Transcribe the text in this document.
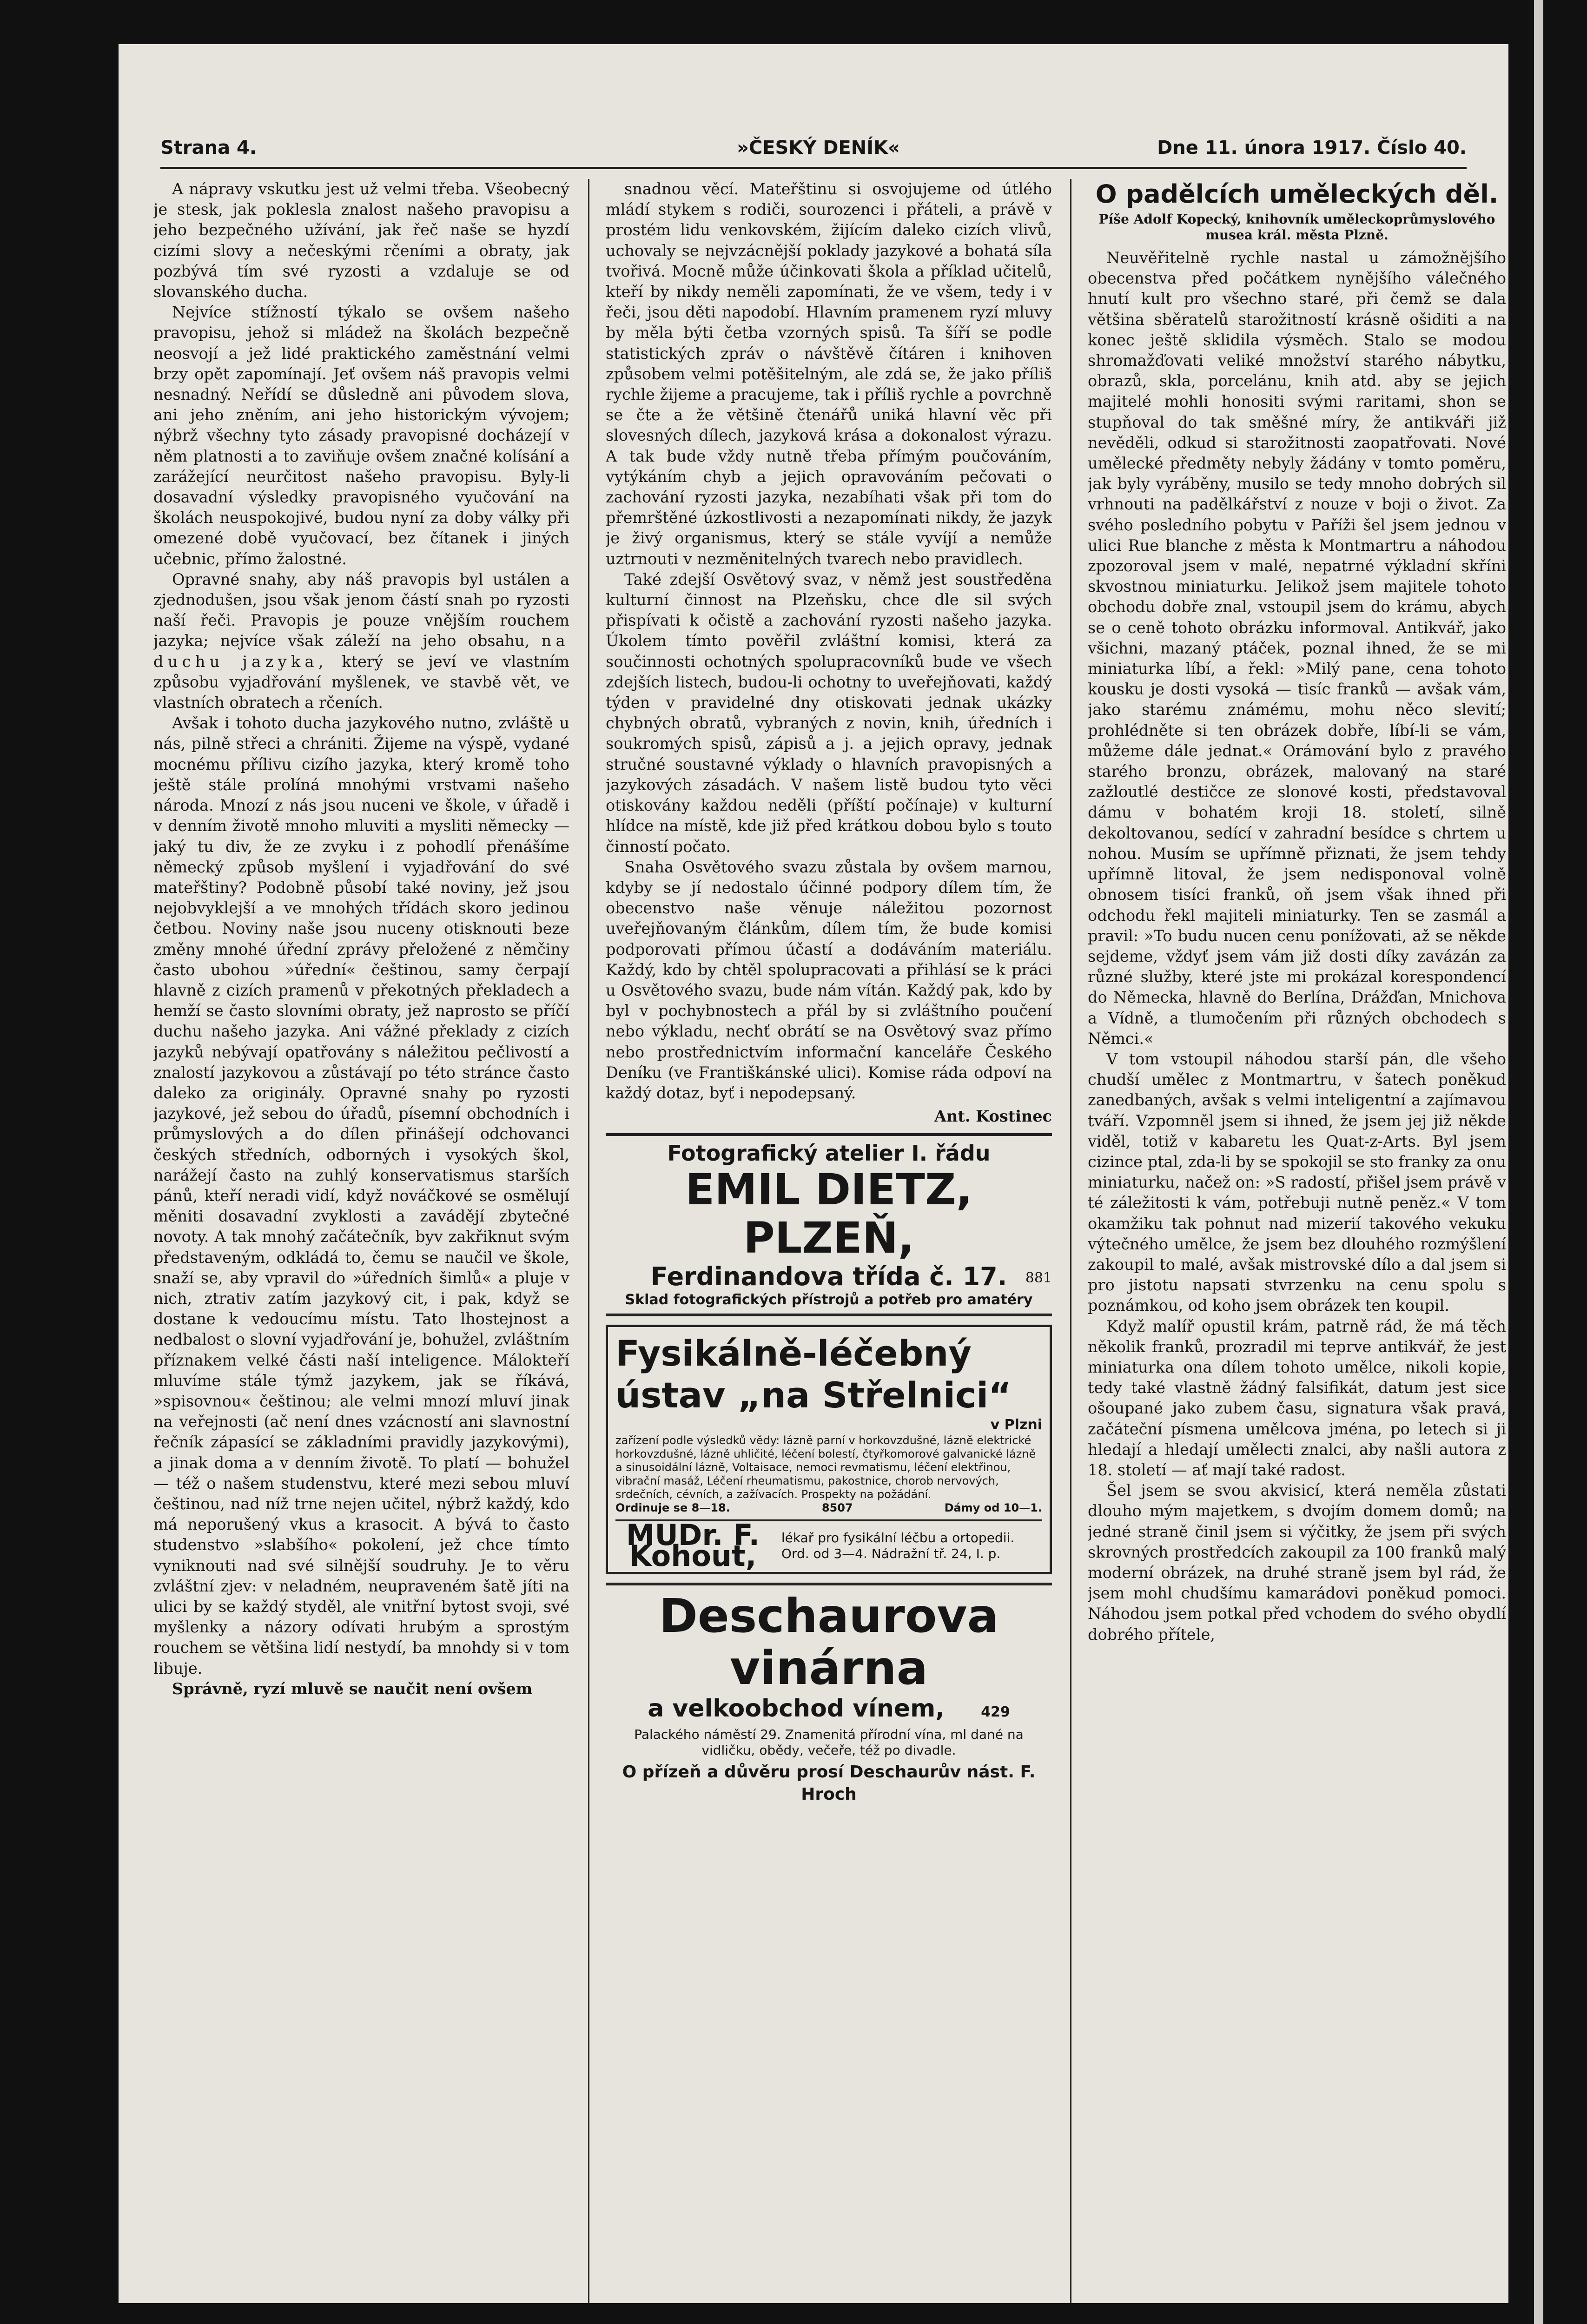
Strana 4.	»ČESKÝ DENÍK«	Dne 11. února 1917. Číslo 40.

A nápravy vskutku jest už velmi třeba. Všeobecný je stesk, jak poklesla znalost našeho pravopisu a jeho bezpečného užívání, jak řeč naše se hyzdí cizími slovy a nečeskými rčeními a obraty, jak pozbývá tím své ryzosti a vzdaluje se od slovanského ducha.

Nejvíce stížností týkalo se ovšem našeho pravopisu, jehož si mládež na školách bezpečně neosvojí a jež lidé praktického zaměstnání velmi brzy opět zapomínají. Jeť ovšem náš pravopis velmi nesnadný. Neřídí se důsledně ani původem slova, ani jeho zněním, ani jeho historickým vývojem; nýbrž všechny tyto zásady pravopisné docházejí v něm platnosti a to zaviňuje ovšem značné kolísání a zarážející neurčitost našeho pravopisu. Byly-li dosavadní výsledky pravopisného vyučování na školách neuspokojivé, budou nyní za doby války při omezené době vyučovací, bez čítanek i jiných učebnic, přímo žalostné.

Opravné snahy, aby náš pravopis byl ustálen a zjednodušen, jsou však jenom částí snah po ryzosti naší řeči. Pravopis je pouze vnějším rouchem jazyka; nejvíce však záleží na jeho obsahu, na duchu jazyka, který se jeví ve vlastním způsobu vyjadřování myšlenek, ve stavbě vět, ve vlastních obratech a rčeních.

Avšak i tohoto ducha jazykového nutno, zvláště u nás, pilně střeci a chrániti. Žijeme na výspě, vydané mocnému přílivu cizího jazyka, který kromě toho ještě stále prolíná mnohými vrstvami našeho národa. Mnozí z nás jsou nuceni ve škole, v úřadě i v denním životě mnoho mluviti a mysliti německy — jaký tu div, že ze zvyku i z pohodlí přenášíme německý způsob myšlení i vyjadřování do své mateřštiny? Podobně působí také noviny, jež jsou nejobvyklejší a ve mnohých třídách skoro jedinou četbou. Noviny naše jsou nuceny otisknouti beze změny mnohé úřední zprávy přeložené z němčiny často ubohou »úřední« češtinou, samy čerpají hlavně z cizích pramenů v překotných překladech a hemží se často slovními obraty, jež naprosto se příčí duchu našeho jazyka. Ani vážné překlady z cizích jazyků nebývají opatřovány s náležitou pečlivostí a znalostí jazykovou a zůstávají po této stránce často daleko za originály. Opravné snahy po ryzosti jazykové, jež sebou do úřadů, písemní obchodních i průmyslových a do dílen přinášejí odchovanci českých středních, odborných i vysokých škol, narážejí často na zuhlý konservatismus starších pánů, kteří neradi vidí, když nováčkové se osmělují měniti dosavadní zvyklosti a zavádějí zbytečné novoty. A tak mnohý začátečník, byv zakřiknut svým představeným, odkládá to, čemu se naučil ve škole, snaží se, aby vpravil do »úředních šimlů« a pluje v nich, ztrativ zatím jazykový cit, i pak, když se dostane k vedoucímu místu. Tato lhostejnost a nedbalost o slovní vyjadřování je, bohužel, zvláštním příznakem velké části naší inteligence. Málokteří mluvíme stále týmž jazykem, jak se říkává, »spisovnou« češtinou; ale velmi mnozí mluví jinak na veřejnosti (ač není dnes vzácností ani slavnostní řečník zápasící se základními pravidly jazykovými), a jinak doma a v denním životě. To platí — bohužel — též o našem studenstvu, které mezi sebou mluví češtinou, nad níž trne nejen učitel, nýbrž každý, kdo má neporušený vkus a krasocit. A bývá to často studenstvo »slabšího« pokolení, jež chce tímto vyniknouti nad své silnější soudruhy. Je to věru zvláštní zjev: v neladném, neupraveném šatě jíti na ulici by se každý styděl, ale vnitřní bytost svoji, své myšlenky a názory odívati hrubým a sprostým rouchem se většina lidí nestydí, ba mnohdy si v tom libuje.

Správně, ryzí mluvě se naučit není ovšem

snadnou věcí. Mateřštinu si osvojujeme od útlého mládí stykem s rodiči, sourozenci i přáteli, a právě v prostém lidu venkovském, žijícím daleko cizích vlivů, uchovaly se nejvzácnější poklady jazykové a bohatá síla tvořivá. Mocně může účinkovati škola a příklad učitelů, kteří by nikdy neměli zapomínati, že ve všem, tedy i v řeči, jsou děti napodobí. Hlavním pramenem ryzí mluvy by měla býti četba vzorných spisů. Ta šíří se podle statistických zpráv o návštěvě čítáren i knihoven způsobem velmi potěšitelným, ale zdá se, že jako příliš rychle žijeme a pracujeme, tak i příliš rychle a povrchně se čte a že většině čtenářů uniká hlavní věc při slovesných dílech, jazyková krása a dokonalost výrazu. A tak bude vždy nutně třeba přímým poučováním, vytýkáním chyb a jejich opravováním pečovati o zachování ryzosti jazyka, nezabíhati však při tom do přemrštěné úzkostlivosti a nezapomínati nikdy, že jazyk je živý organismus, který se stále vyvíjí a nemůže uztrnouti v nezměnitelných tvarech nebo pravidlech.

Také zdejší Osvětový svaz, v němž jest soustředěna kulturní činnost na Plzeňsku, chce dle sil svých přispívati k očistě a zachování ryzosti našeho jazyka. Úkolem tímto pověřil zvláštní komisi, která za součinnosti ochotných spolupracovníků bude ve všech zdejších listech, budou-li ochotny to uveřejňovati, každý týden v pravidelné dny otiskovati jednak ukázky chybných obratů, vybraných z novin, knih, úředních i soukromých spisů, zápisů a j. a jejich opravy, jednak stručné soustavné výklady o hlavních pravopisných a jazykových zásadách. V našem listě budou tyto věci otiskovány každou neděli (příští počínaje) v kulturní hlídce na místě, kde již před krátkou dobou bylo s touto činností počato.

Snaha Osvětového svazu zůstala by ovšem marnou, kdyby se jí nedostalo účinné podpory dílem tím, že obecenstvo naše věnuje náležitou pozornost uveřejňovaným článkům, dílem tím, že bude komisi podporovati přímou účastí a dodáváním materiálu. Každý, kdo by chtěl spolupracovati a přihlásí se k práci u Osvětového svazu, bude nám vítán. Každý pak, kdo by byl v pochybnostech a přál by si zvláštního poučení nebo výkladu, nechť obrátí se na Osvětový svaz přímo nebo prostřednictvím informační kanceláře Českého Deníku (ve Františkánské ulici). Komise ráda odpoví na každý dotaz, byť i nepodepsaný.

Ant. Kostinec
Fotografický atelier I. řádu
EMIL DIETZ, PLZEŇ,
Ferdinandova třída č. 17.	881
Sklad fotografických přístrojů a potřeb pro amatéry
Fysikálně-léčebný ústav „na Střelnici“
v Plzni
zařízení podle výsledků vědy: lázně parní v horkovzdušné, lázně elektrické horkovzdušné, lázně uhličité, léčení bolestí, čtyřkomorové galvanické lázně a sinusoidální lázně, Voltaisace, nemoci revmatismu, léčení elektřinou, vibrační masáž, Léčení rheumatismu, pakostnice, chorob nervových, srdečních, cévních, a zažívacích. Prospekty na požádání.
Ordinuje se 8—18.	8507	Dámy od 10—1.
MUDr. F. Kohout,
lékař pro fysikální léčbu a ortopedii. Ord. od 3—4. Nádražní tř. 24, I. p.
Deschaurova vinárna
a velkoobchod vínem,	429
Palackého náměstí 29. Znamenitá přírodní vína, ml dané na vidličku, obědy, večeře, též po divadle.
O přízeň a důvěru prosí Deschaurův nást. F. Hroch
O padělcích uměleckých děl.
Píše Adolf Kopecký, knihovník uměleckoprůmyslového musea král. města Plzně.

Neuvěřitelně rychle nastal u zámožnějšího obecenstva před počátkem nynějšího válečného hnutí kult pro všechno staré, při čemž se dala většina sběratelů starožitností krásně ošiditi a na konec ještě sklidila výsměch. Stalo se modou shromažďovati veliké množství starého nábytku, obrazů, skla, porcelánu, knih atd. aby se jejich majitelé mohli honositi svými raritami, shon se stupňoval do tak směšné míry, že antikváři již nevěděli, odkud si starožitnosti zaopatřovati. Nové umělecké předměty nebyly žádány v tomto poměru, jak byly vyráběny, musilo se tedy mnoho dobrých sil vrhnouti na padělkářství z nouze v boji o život. Za svého posledního pobytu v Paříži šel jsem jednou v ulici Rue blanche z města k Montmartru a náhodou zpozoroval jsem v malé, nepatrné výkladní skříni skvostnou miniaturku. Jelikož jsem majitele tohoto obchodu dobře znal, vstoupil jsem do krámu, abych se o ceně tohoto obrázku informoval. Antikvář, jako všichni, mazaný ptáček, poznal ihned, že se mi miniaturka líbí, a řekl: »Milý pane, cena tohoto kousku je dosti vysoká — tisíc franků — avšak vám, jako starému známému, mohu něco slevití; prohlédněte si ten obrázek dobře, líbí-li se vám, můžeme dále jednat.« Orámování bylo z pravého starého bronzu, obrázek, malovaný na staré zažloutlé destičce ze slonové kosti, představoval dámu v bohatém kroji 18. století, silně dekoltovanou, sedící v zahradní besídce s chrtem u nohou. Musím se upřímně přiznati, že jsem tehdy upřímně litoval, že jsem nedisponoval volně obnosem tisíci franků, oň jsem však ihned při odchodu řekl majiteli miniaturky. Ten se zasmál a pravil: »To budu nucen cenu ponížovati, až se někde sejdeme, vždyť jsem vám již dosti díky zavázán za různé služby, které jste mi prokázal korespondencí do Německa, hlavně do Berlína, Drážďan, Mnichova a Vídně, a tlumočením při různých obchodech s Němci.«

V tom vstoupil náhodou starší pán, dle všeho chudší umělec z Montmartru, v šatech poněkud zanedbaných, avšak s velmi inteligentní a zajímavou tváří. Vzpomněl jsem si ihned, že jsem jej již někde viděl, totiž v kabaretu les Quat-z-Arts. Byl jsem cizince ptal, zda-li by se spokojil se sto franky za onu miniaturku, načež on: »S radostí, přišel jsem právě v té záležitosti k vám, potřebuji nutně peněz.« V tom okamžiku tak pohnut nad mizerií takového vekuku výtečného umělce, že jsem bez dlouhého rozmýšlení zakoupil to malé, avšak mistrovské dílo a dal jsem si pro jistotu napsati stvrzenku na cenu spolu s poznámkou, od koho jsem obrázek ten koupil.

Když malíř opustil krám, patrně rád, že má těch několik franků, prozradil mi teprve antikvář, že jest miniaturka ona dílem tohoto umělce, nikoli kopie, tedy také vlastně žádný falsifikát, datum jest sice ošoupané jako zubem času, signatura však pravá, začáteční písmena umělcova jména, po letech si ji hledají a hledají umělecti znalci, aby našli autora z 18. století — ať mají také radost.

Šel jsem se svou akvisicí, která neměla zůstati dlouho mým majetkem, s dvojím domem domů; na jedné straně činil jsem si výčitky, že jsem při svých skrovných prostředcích zakoupil za 100 franků malý moderní obrázek, na druhé straně jsem byl rád, že jsem mohl chudšímu kamarádovi poněkud pomoci. Náhodou jsem potkal před vchodem do svého obydlí dobrého přítele,
